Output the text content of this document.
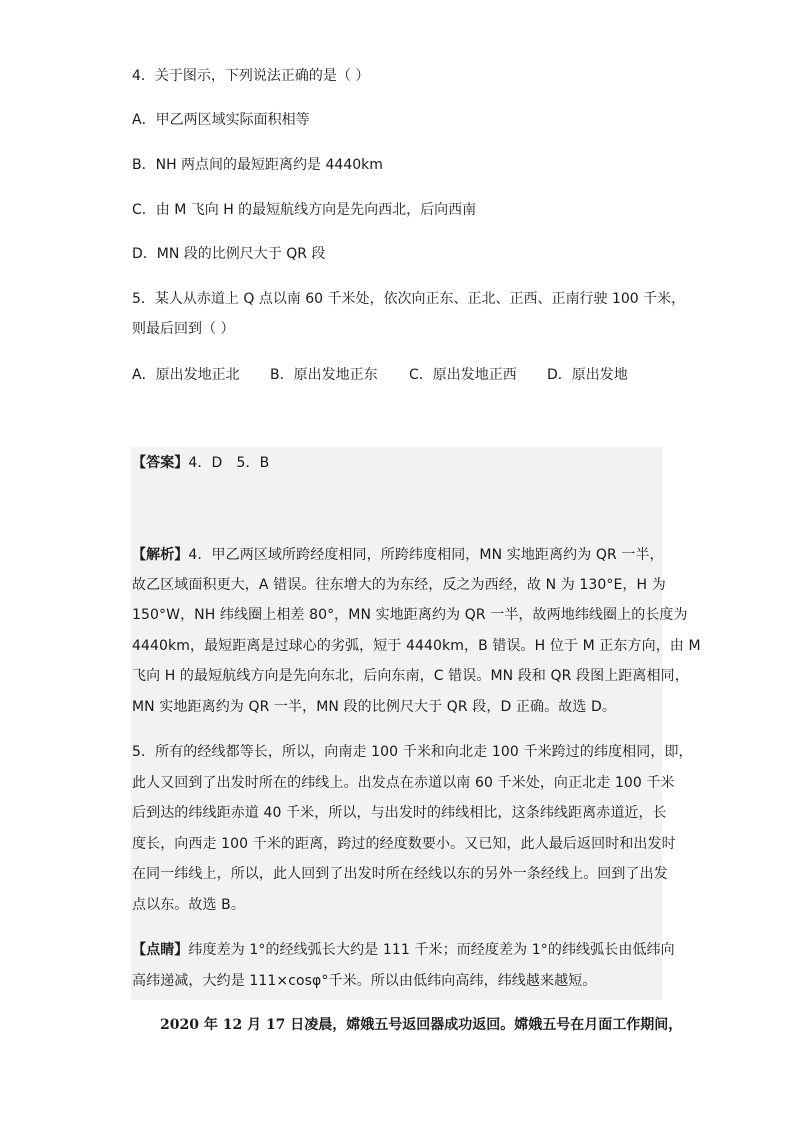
4．关于图示，下列说法正确的是（ ）
A．甲乙两区域实际面积相等
B．NH 两点间的最短距离约是 4440km
C．由 M 飞向 H 的最短航线方向是先向西北，后向西南
D．MN 段的比例尺大于 QR 段
5．某人从赤道上 Q 点以南 60 千米处，依次向正东、正北、正西、正南行驶 100 千米，
则最后回到（ ）
A．原出发地正北 B．原出发地正东 C．原出发地正西 D．原出发地
【答案】4．D　5．B
【解析】4．甲乙两区域所跨经度相同，所跨纬度相同，MN 实地距离约为 QR 一半，
故乙区域面积更大，A 错误。往东增大的为东经，反之为西经，故 N 为 130°E，H 为
150°W，NH 纬线圈上相差 80°，MN 实地距离约为 QR 一半，故两地纬线圈上的长度为
4440km，最短距离是过球心的劣弧，短于 4440km，B 错误。H 位于 M 正东方向，由 M
飞向 H 的最短航线方向是先向东北，后向东南，C 错误。MN 段和 QR 段图上距离相同，
MN 实地距离约为 QR 一半，MN 段的比例尺大于 QR 段，D 正确。故选 D。
5．所有的经线都等长，所以，向南走 100 千米和向北走 100 千米跨过的纬度相同，即，
此人又回到了出发时所在的纬线上。出发点在赤道以南 60 千米处，向正北走 100 千米
后到达的纬线距赤道 40 千米，所以，与出发时的纬线相比，这条纬线距离赤道近，长
度长，向西走 100 千米的距离，跨过的经度数要小。又已知，此人最后返回时和出发时
在同一纬线上，所以，此人回到了出发时所在经线以东的另外一条经线上。回到了出发
点以东。故选 B。
【点睛】纬度差为 1°的经线弧长大约是 111 千米；而经度差为 1°的纬线弧长由低纬向
高纬递减，大约是 111×cosφ°千米。所以由低纬向高纬，纬线越来越短。
2020 年 12 月 17 日凌晨，嫦娥五号返回器成功返回。嫦娥五号在月面工作期间，
